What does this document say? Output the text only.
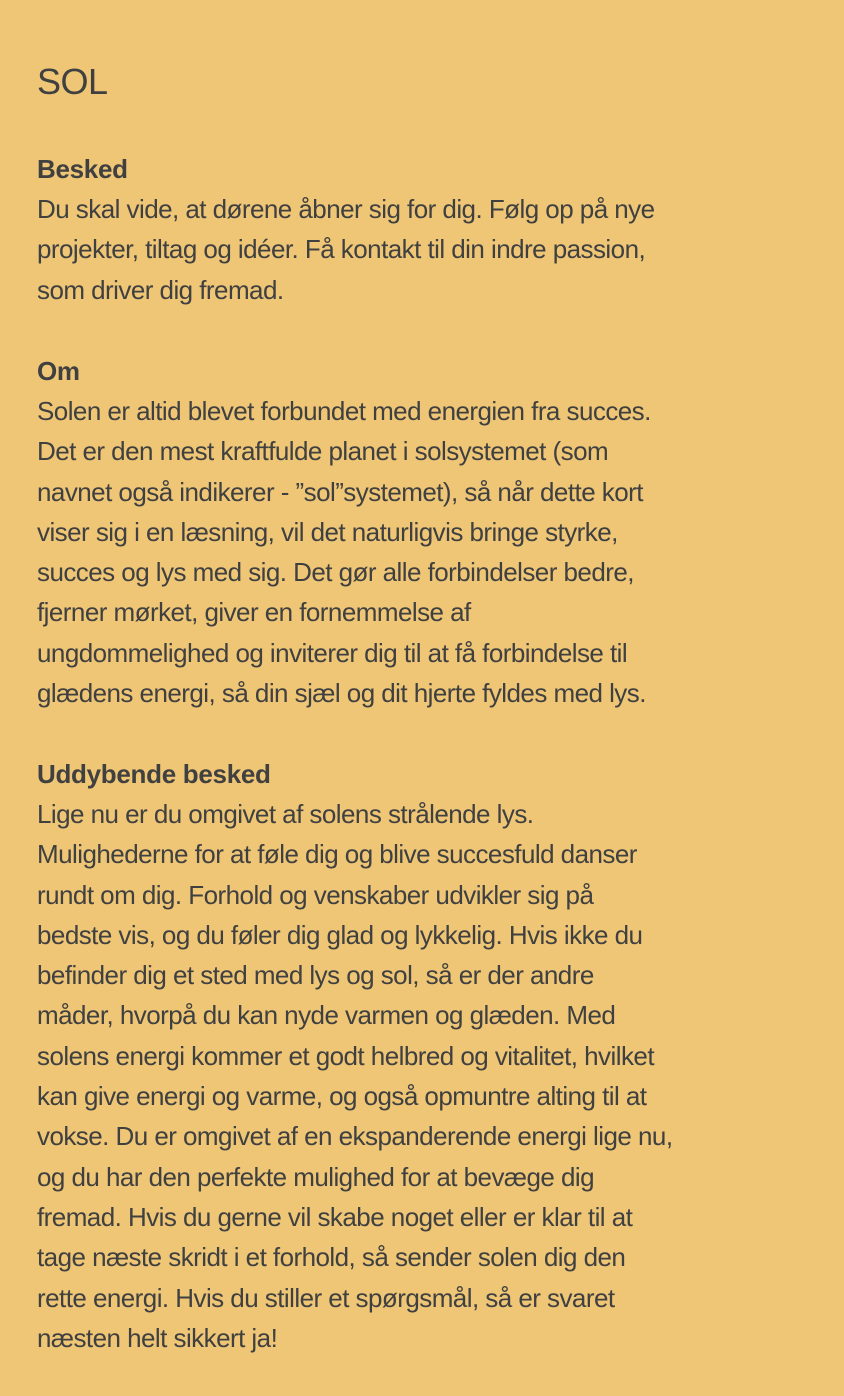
SOL
Besked
Du skal vide, at dørene åbner sig for dig. Følg op på nye
projekter, tiltag og idéer. Få kontakt til din indre passion,
som driver dig fremad.
Om
Solen er altid blevet forbundet med energien fra succes.
Det er den mest kraftfulde planet i solsystemet (som
navnet også indikerer - ”sol”systemet), så når dette kort
viser sig i en læsning, vil det naturligvis bringe styrke,
succes og lys med sig. Det gør alle forbindelser bedre,
fjerner mørket, giver en fornemmelse af
ungdommelighed og inviterer dig til at få forbindelse til
glædens energi, så din sjæl og dit hjerte fyldes med lys.
Uddybende besked
Lige nu er du omgivet af solens strålende lys.
Mulighederne for at føle dig og blive succesfuld danser
rundt om dig. Forhold og venskaber udvikler sig på
bedste vis, og du føler dig glad og lykkelig. Hvis ikke du
befinder dig et sted med lys og sol, så er der andre
måder, hvorpå du kan nyde varmen og glæden. Med
solens energi kommer et godt helbred og vitalitet, hvilket
kan give energi og varme, og også opmuntre alting til at
vokse. Du er omgivet af en ekspanderende energi lige nu,
og du har den perfekte mulighed for at bevæge dig
fremad. Hvis du gerne vil skabe noget eller er klar til at
tage næste skridt i et forhold, så sender solen dig den
rette energi. Hvis du stiller et spørgsmål, så er svaret
næsten helt sikkert ja!
